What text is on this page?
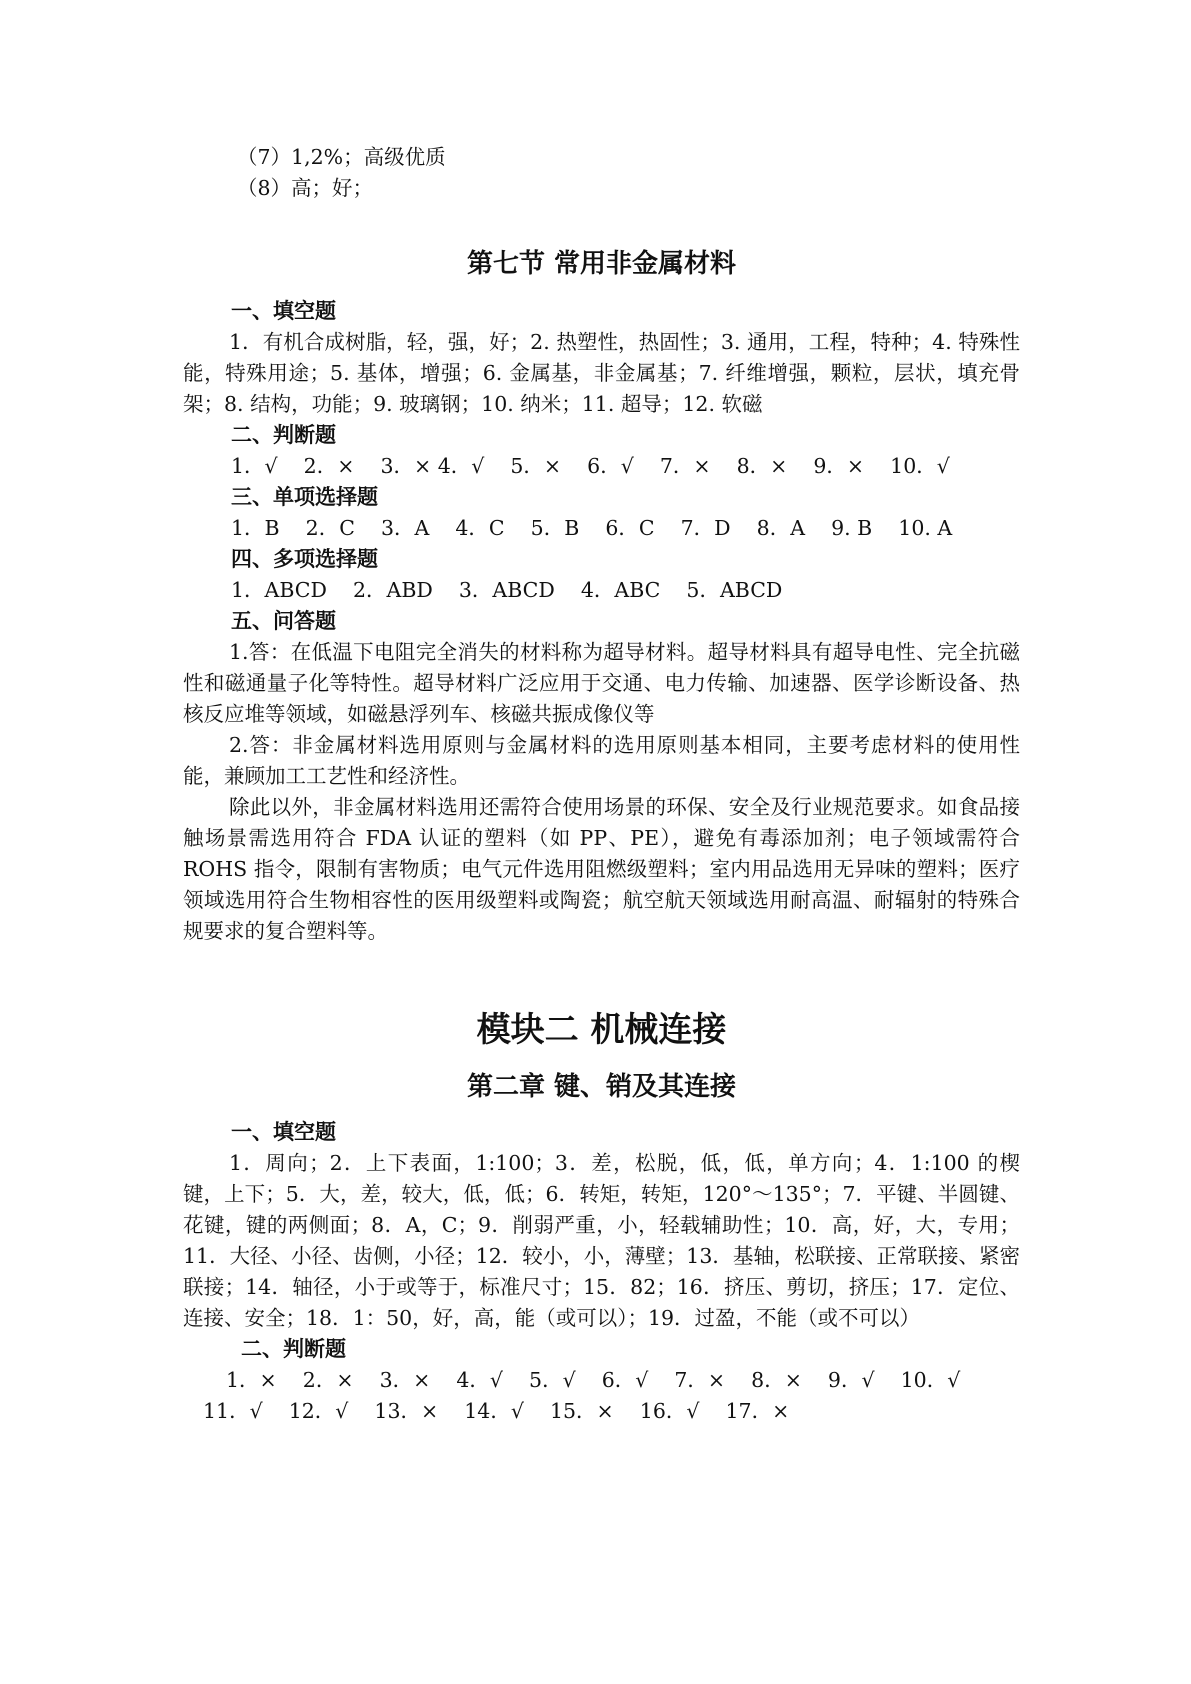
（7）1,2%；高级优质

（8）高；好；

第七节 常用非金属材料

一、填空题

1．有机合成树脂，轻，强，好；2. 热塑性，热固性；3. 通用，工程，特种；4. 特殊性能，特殊用途；5. 基体，增强；6. 金属基，非金属基；7. 纤维增强，颗粒，层状，填充骨架；8. 结构，功能；9. 玻璃钢；10. 纳米；11. 超导；12. 软磁

二、判断题

1．√    2．×    3．× 4．√    5．×    6．√    7．×    8．×    9．×    10．√

三、单项选择题

1．B    2．C    3．A    4．C    5．B    6．C    7．D    8．A    9. B    10. A

四、多项选择题

1．ABCD    2．ABD    3．ABCD    4．ABC    5．ABCD

五、问答题

1.答：在低温下电阻完全消失的材料称为超导材料。超导材料具有超导电性、完全抗磁性和磁通量子化等特性。超导材料广泛应用于交通、电力传输、加速器、医学诊断设备、热核反应堆等领域，如磁悬浮列车、核磁共振成像仪等

2.答：非金属材料选用原则与金属材料的选用原则基本相同，主要考虑材料的使用性能，兼顾加工工艺性和经济性。

除此以外，非金属材料选用还需符合使用场景的环保、安全及行业规范要求。如食品接触场景需选用符合 FDA 认证的塑料（如 PP、PE），避免有毒添加剂；电子领域需符合 ROHS 指令，限制有害物质；电气元件选用阻燃级塑料；室内用品选用无异味的塑料；医疗领域选用符合生物相容性的医用级塑料或陶瓷；航空航天领域选用耐高温、耐辐射的特殊合规要求的复合塑料等。

模块二 机械连接
第二章 键、销及其连接

一、填空题

1．周向；2．上下表面，1:100；3．差，松脱，低，低，单方向；4．1:100 的楔键，上下；5．大，差，较大，低，低；6．转矩，转矩，120°～135°；7．平键、半圆键、花键，键的两侧面；8．A，C；9．削弱严重，小，轻载辅助性；10．高，好，大，专用；11．大径、小径、齿侧，小径；12．较小，小，薄壁；13．基轴，松联接、正常联接、紧密联接；14．轴径，小于或等于，标准尺寸；15．82；16．挤压、剪切，挤压；17．定位、连接、安全；18．1：50，好，高，能（或可以）；19．过盈，不能（或不可以）

二、判断题

1．×    2．×    3．×    4．√    5．√    6．√    7．×    8．×    9．√    10．√

11．√    12．√    13．×    14．√    15．×    16．√    17．×
